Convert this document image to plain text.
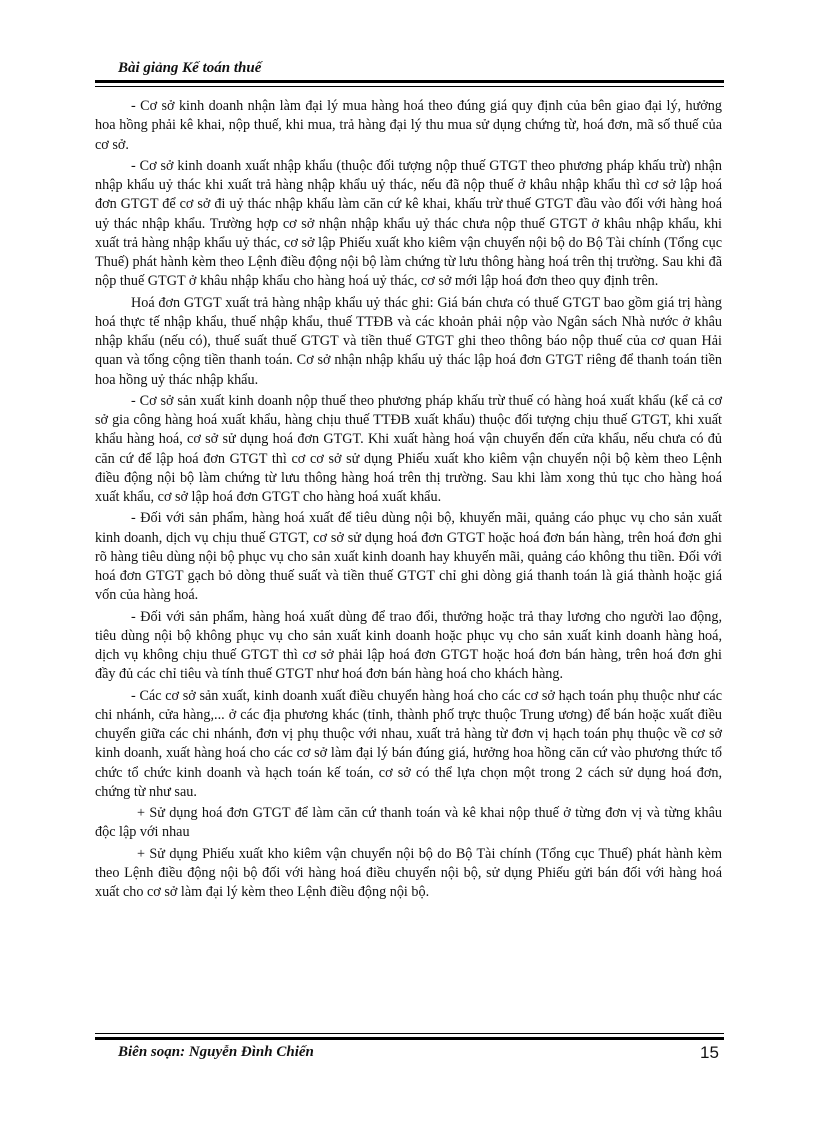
Bài giảng Kế toán thuế

- Cơ sở kinh doanh nhận làm đại lý mua hàng hoá theo đúng giá quy định của bên giao đại lý, hưởng hoa hồng phải kê khai, nộp thuế, khi mua, trả hàng đại lý thu mua sử dụng chứng từ, hoá đơn, mã số thuế của cơ sở.

- Cơ sở kinh doanh xuất nhập khẩu (thuộc đối tượng nộp thuế GTGT theo phương pháp khấu trừ) nhận nhập khẩu uỷ thác khi xuất trả hàng nhập khẩu uỷ thác, nếu đã nộp thuế ở khâu nhập khẩu thì cơ sở lập hoá đơn GTGT để cơ sở đi uỷ thác nhập khẩu làm căn cứ kê khai, khấu trừ thuế GTGT đầu vào đối với hàng hoá uỷ thác nhập khẩu. Trường hợp cơ sở nhận nhập khẩu uỷ thác chưa nộp thuế GTGT ở khâu nhập khẩu, khi xuất trả hàng nhập khẩu uỷ thác, cơ sở lập Phiếu xuất kho kiêm vận chuyển nội bộ do Bộ Tài chính (Tổng cục Thuế) phát hành kèm theo Lệnh điều động nội bộ làm chứng từ lưu thông hàng hoá trên thị trường. Sau khi đã nộp thuế GTGT ở khâu nhập khẩu cho hàng hoá uỷ thác, cơ sở mới lập hoá đơn theo quy định trên.

Hoá đơn GTGT xuất trả hàng nhập khẩu uỷ thác ghi: Giá bán chưa có thuế GTGT bao gồm giá trị hàng hoá thực tế nhập khẩu, thuế nhập khẩu, thuế TTĐB và các khoản phải nộp vào Ngân sách Nhà nước ở khâu nhập khẩu (nếu có), thuế suất thuế GTGT và tiền thuế GTGT ghi theo thông báo nộp thuế của cơ quan Hải quan và tổng cộng tiền thanh toán. Cơ sở nhận nhập khẩu uỷ thác lập hoá đơn GTGT riêng để thanh toán tiền hoa hồng uỷ thác nhập khẩu.

- Cơ sở sản xuất kinh doanh nộp thuế theo phương pháp khấu trừ thuế có hàng hoá xuất khẩu (kể cả cơ sở gia công hàng hoá xuất khẩu, hàng chịu thuế TTĐB xuất khẩu) thuộc đối tượng chịu thuế GTGT, khi xuất khẩu hàng hoá, cơ sở sử dụng hoá đơn GTGT. Khi xuất hàng hoá vận chuyển đến cửa khẩu, nếu chưa có đủ căn cứ để lập hoá đơn GTGT thì cơ cơ sở sử dụng Phiếu xuất kho kiêm vận chuyển nội bộ kèm theo Lệnh điều động nội bộ làm chứng từ lưu thông hàng hoá trên thị trường. Sau khi làm xong thủ tục cho hàng hoá xuất khẩu, cơ sở lập hoá đơn GTGT cho hàng hoá xuất khẩu.

- Đối với sản phẩm, hàng hoá xuất để tiêu dùng nội bộ, khuyến mãi, quảng cáo phục vụ cho sản xuất kinh doanh, dịch vụ chịu thuế GTGT, cơ sở sử dụng hoá đơn GTGT hoặc hoá đơn bán hàng, trên hoá đơn ghi rõ hàng tiêu dùng nội bộ phục vụ cho sản xuất kinh doanh hay khuyến mãi, quảng cáo không thu tiền. Đối với hoá đơn GTGT gạch bỏ dòng thuế suất và tiền thuế GTGT chỉ ghi dòng giá thanh toán là giá thành hoặc giá vốn của hàng hoá.

- Đối với sản phẩm, hàng hoá xuất dùng để trao đổi, thưởng hoặc trả thay lương cho người lao động, tiêu dùng nội bộ không phục vụ cho sản xuất kinh doanh hoặc phục vụ cho sản xuất kinh doanh hàng hoá, dịch vụ không chịu thuế GTGT thì cơ sở phải lập hoá đơn GTGT hoặc hoá đơn bán hàng, trên hoá đơn ghi đầy đủ các chỉ tiêu và tính thuế GTGT như hoá đơn bán hàng hoá cho khách hàng.

- Các cơ sở sản xuất, kinh doanh xuất điều chuyển hàng hoá cho các cơ sở hạch toán phụ thuộc như các chi nhánh, cửa hàng,... ở các địa phương khác (tỉnh, thành phố trực thuộc Trung ương) để bán hoặc xuất điều chuyển giữa các chi nhánh, đơn vị phụ thuộc với nhau, xuất trả hàng từ đơn vị hạch toán phụ thuộc về cơ sở kinh doanh, xuất hàng hoá cho các cơ sở làm đại lý bán đúng giá, hưởng hoa hồng căn cứ vào phương thức tổ chức tổ chức kinh doanh và hạch toán kế toán, cơ sở có thể lựa chọn một trong 2 cách sử dụng hoá đơn, chứng từ như sau.

+ Sử dụng hoá đơn GTGT để làm căn cứ thanh toán và kê khai nộp thuế ở từng đơn vị và từng khâu độc lập với nhau

+ Sử dụng Phiếu xuất kho kiêm vận chuyển nội bộ do Bộ Tài chính (Tổng cục Thuế) phát hành kèm theo Lệnh điều động nội bộ đối với hàng hoá điều chuyển nội bộ, sử dụng Phiếu gửi bán đối với hàng hoá xuất cho cơ sở làm đại lý kèm theo Lệnh điều động nội bộ.

Biên soạn: Nguyễn Đình Chiến	15
